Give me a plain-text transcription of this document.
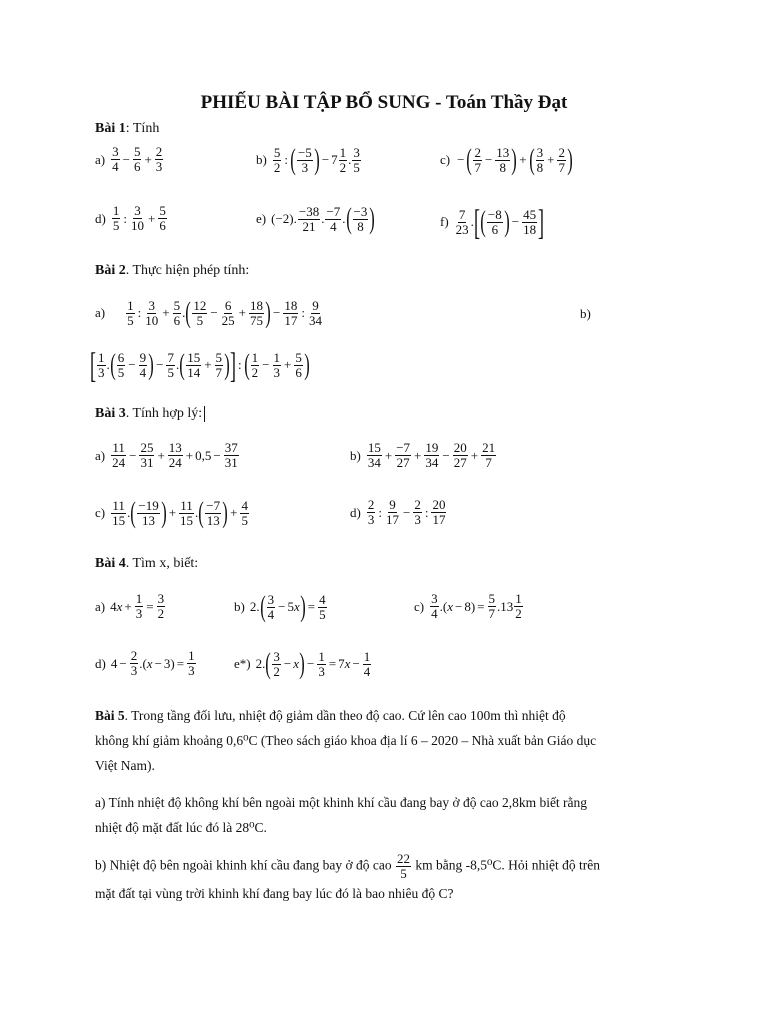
PHIẾU BÀI TẬP BỔ SUNG - Toán Thầy Đạt
Bài 1: Tính
a) 3
$4 - \frac{5}{6} + \frac{2}{3}$	b) 5
2 : ( −5
3 ) − $7 \frac{1}{2}$ . 3
5	c) − ( 2
$7 - \frac{13}{8}$ ) + ( 3
$8 + \frac{2}{7}$ )
d) 1
5 : 3
$10 + \frac{5}{6}$	e) (−2). −38
21 . −7
4 . ( −3
8 )	f) 7
23 . [ ( −8
6 ) − $\frac{45}{18}$ ]
Bài 2. Thực hiện phép tính:
a) 1
5 : 3
$10 + \frac{5}{6}$ . ( 12
$5 - \frac{6}{25} + \frac{18}{75}$ ) − $\frac{18}{17}$ : 9
34	b)
[ 1
3 . ( 6
$5 - \frac{9}{4}$ ) − $\frac{7}{5}$ . ( 15
$14 + \frac{5}{7}$ ) ] : ( 1
$2 - \frac{1}{3} + \frac{5}{6}$ )
Bài 3. Tính hợp lý:
a) 11
$24 - \frac{25}{31} + \frac{13}{24} + 0,5 - \frac{37}{31}$	b) 15
$34 + \frac{-7}{27} + \frac{19}{34} - \frac{20}{27} + \frac{21}{7}$
c) 11
15 . ( −19
13 ) + $\frac{11}{15}$ . ( −7
13 ) + $\frac{4}{5}$	d) 2
3 : 9
$17 - \frac{2}{3}$ : 20
17
Bài 4. Tìm x, biết:
a) 4 $x + \frac{1}{3} = \frac{3}{2}$	b) 2. ( 3
4 − 5 x ) = $\frac{4}{5}$	c) 3
4 .( $x - 8) = \frac{5}{7} .13$ 1
2
d) $4 - \frac{2}{3}$ .( $x - 3) = \frac{1}{3}$	e*) 2. ( 3
2 − x ) − $\frac{1}{3} = 7$ $x - \frac{1}{4}$
Bài 5. Trong tầng đối lưu, nhiệt độ giảm dần theo độ cao. Cứ lên cao 100m thì nhiệt độ không khí giảm khoảng 0,6⁰C (Theo sách giáo khoa địa lí 6 – 2020 – Nhà xuất bản Giáo dục Việt Nam).
a) Tính nhiệt độ không khí bên ngoài một khinh khí cầu đang bay ở độ cao 2,8km biết rằng nhiệt độ mặt đất lúc đó là 28⁰C.
b) Nhiệt độ bên ngoài khinh khí cầu đang bay ở độ cao $\frac{22}{5}$ km bằng -8,5⁰C. Hỏi nhiệt độ trên mặt đất tại vùng trời khinh khí đang bay lúc đó là bao nhiêu độ C?
